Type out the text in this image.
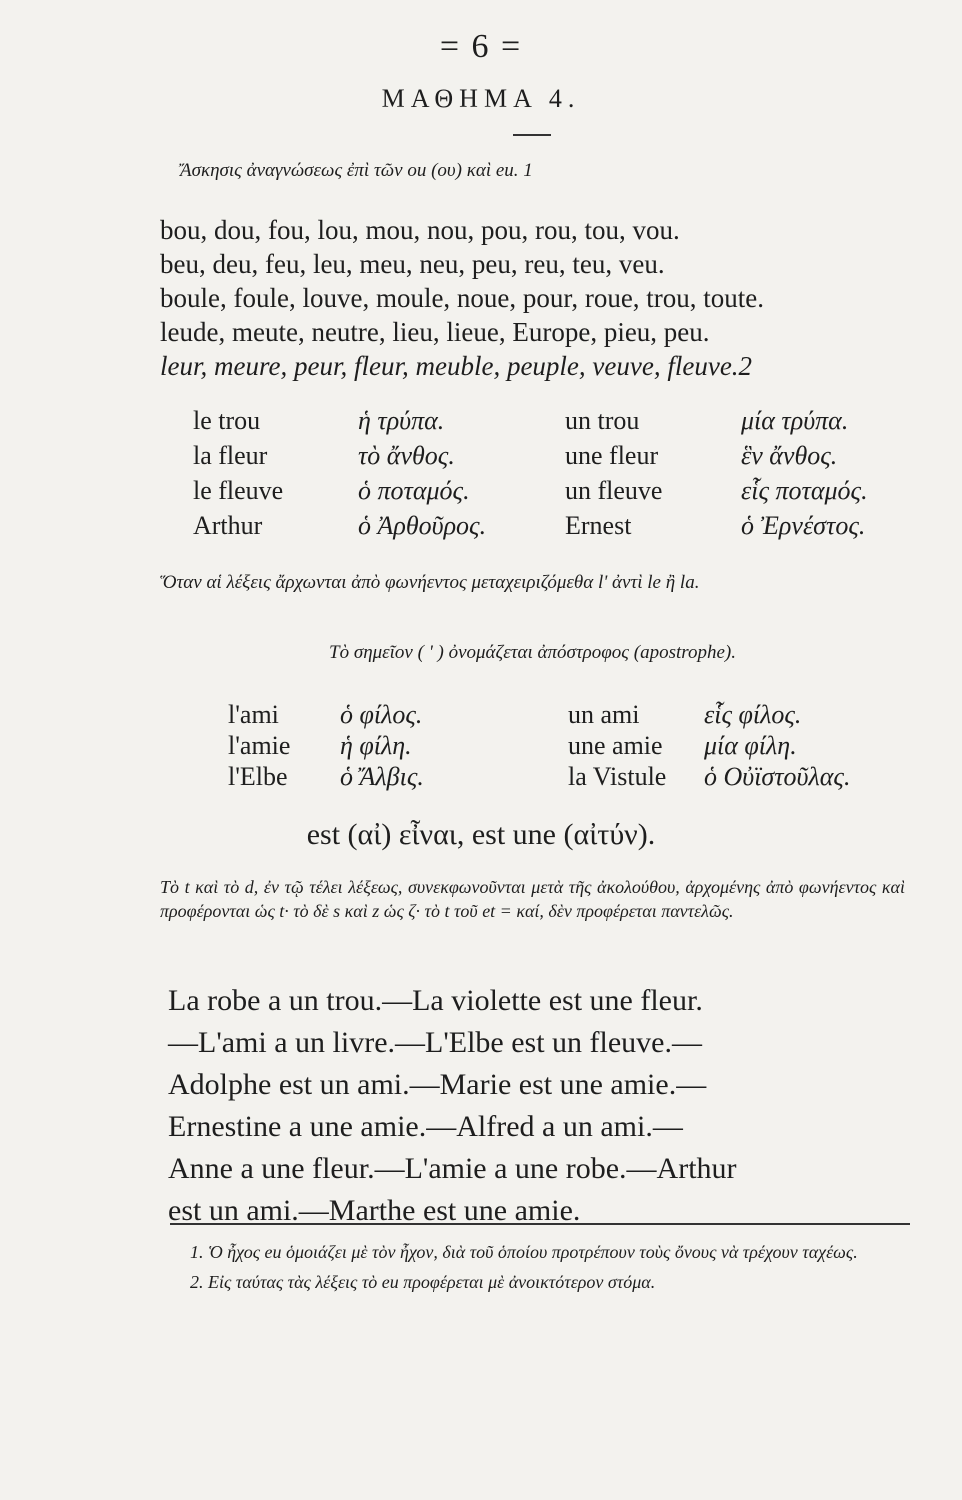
= 6 =
ΜΑΘΗΜΑ 4.
Ἄσκησις ἀναγνώσεως ἐπὶ τῶν ou (ου) καὶ eu. 1
bou, dou, fou, lou, mou, nou, pou, rou, tou, vou.
beu, deu, feu, leu, meu, neu, peu, reu, teu, veu.
boule, foule, louve, moule, noue, pour, roue, trou, toute.
leude, meute, neutre, lieu, lieue, Europe, pieu, peu.
leur, meure, peur, fleur, meuble, peuple, veuve, fleuve.2
le trou	ἡ τρύπα.	un trou	μία τρύπα.
la fleur	τὸ ἄνθος.	une fleur	ἓν ἄνθος.
le fleuve	ὁ ποταμός.	un fleuve	εἷς ποταμός.
Arthur	ὁ Ἀρθοῦρος.	Ernest	ὁ Ἐρνέστος.
Ὅταν αἱ λέξεις ἄρχωνται ἀπὸ φωνήεντος μεταχειριζόμεθα l' ἀντὶ le ἢ la.
Τὸ σημεῖον ( ' ) ὀνομάζεται ἀπόστροφος (apostrophe).
l'ami ὁ φίλος.	un ami εἷς φίλος.
l'amie ἡ φίλη.	une amie μία φίλη.
l'Elbe ὁ Ἄλβις.	la Vistule ὁ Οὐϊστοῦλας.
est (αἰ) εἶναι, est une (αἰτύν).
Τὸ t καὶ τὸ d, ἐν τῷ τέλει λέξεως, συνεκφωνοῦνται μετὰ τῆς ἀκολούθου, ἀρχομένης ἀπὸ φωνήεντος καὶ προφέρονται ὡς t· τὸ δὲ s καὶ z ὡς ζ· τὸ t τοῦ et = καί, δὲν προφέρεται παντελῶς.
La robe a un trou.—La violette est une fleur.
—L'ami a un livre.—L'Elbe est un fleuve.—
Adolphe est un ami.—Marie est une amie.—
Ernestine a une amie.—Alfred a un ami.—
Anne a une fleur.—L'amie a une robe.—Arthur
est un ami.—Marthe est une amie.
1. Ὁ ἦχος eu ὁμοιάζει μὲ τὸν ἦχον, διὰ τοῦ ὁποίου προτρέπουν τοὺς ὄνους νὰ τρέχουν ταχέως.
2. Εἰς ταύτας τὰς λέξεις τὸ eu προφέρεται μὲ ἀνοικτότερον στόμα.
